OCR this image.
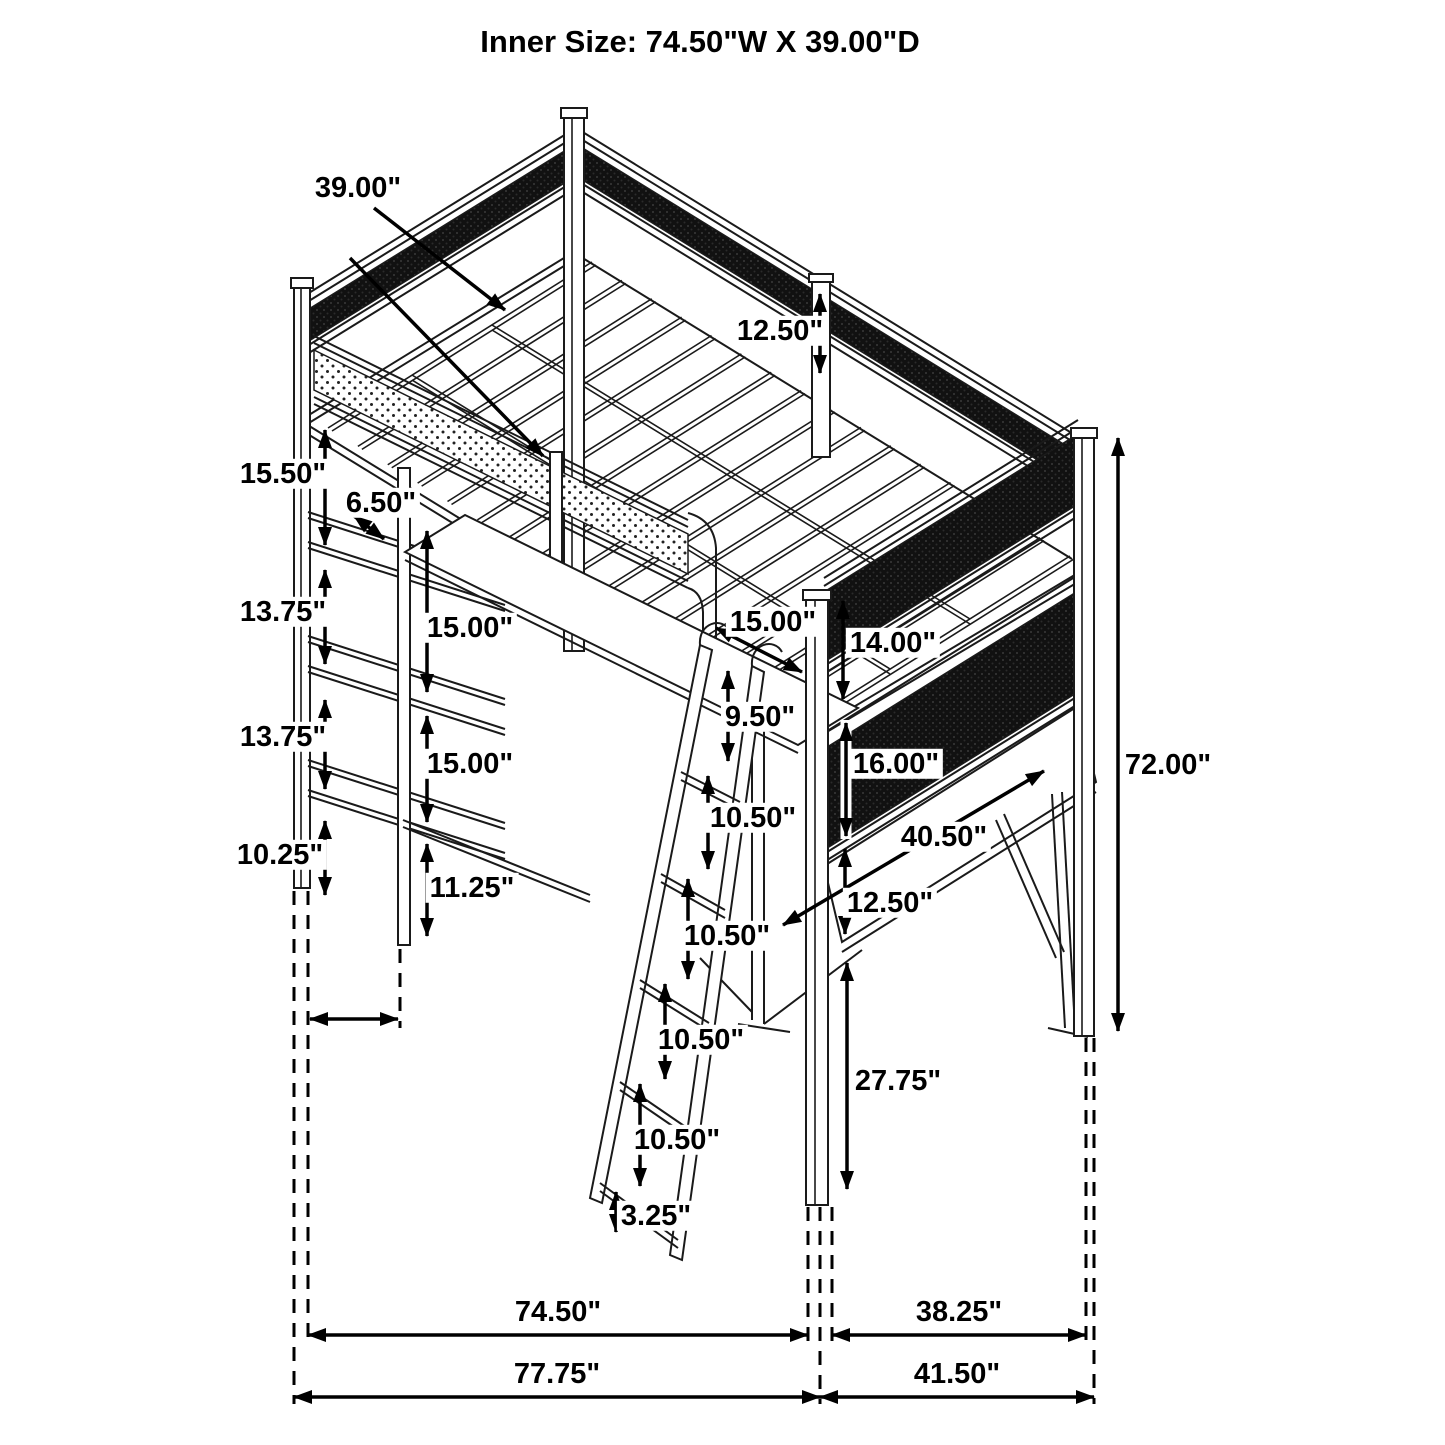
Inner Size: 74.50"W X 39.00"D
39.00"
12.50"
15.50"
6.50"
13.75"	15.00"
13.75"
15.00"
10.25"
11.25"
15.00"
14.00"
9.50"
16.00"
10.50"
10.50"
10.50"
10.50"
3.25"
40.50"
12.50"
27.75"
72.00"
74.50"	38.25"
77.75"	41.50"
